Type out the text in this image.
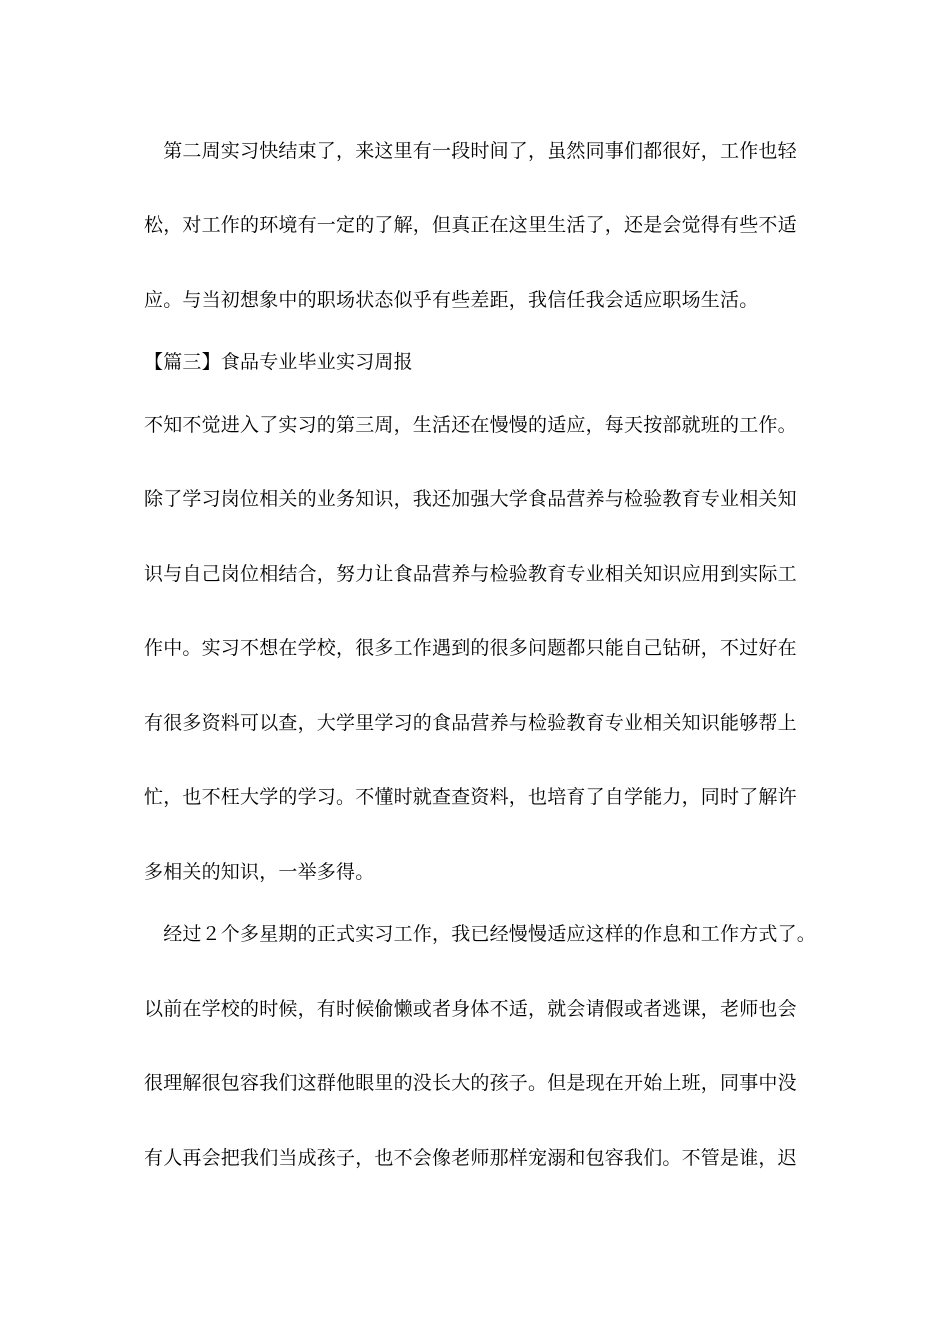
　第二周实习快结束了，来这里有一段时间了，虽然同事们都很好，工作也轻
松，对工作的环境有一定的了解，但真正在这里生活了，还是会觉得有些不适
应。与当初想象中的职场状态似乎有些差距，我信任我会适应职场生活。
【篇三】食品专业毕业实习周报
不知不觉进入了实习的第三周，生活还在慢慢的适应，每天按部就班的工作。
除了学习岗位相关的业务知识，我还加强大学食品营养与检验教育专业相关知
识与自己岗位相结合，努力让食品营养与检验教育专业相关知识应用到实际工
作中。实习不想在学校，很多工作遇到的很多问题都只能自己钻研，不过好在
有很多资料可以查，大学里学习的食品营养与检验教育专业相关知识能够帮上
忙，也不枉大学的学习。不懂时就查查资料，也培育了自学能力，同时了解许
多相关的知识，一举多得。
　经过２个多星期的正式实习工作，我已经慢慢适应这样的作息和工作方式了。
以前在学校的时候，有时候偷懒或者身体不适，就会请假或者逃课，老师也会
很理解很包容我们这群他眼里的没长大的孩子。但是现在开始上班，同事中没
有人再会把我们当成孩子，也不会像老师那样宠溺和包容我们。不管是谁，迟
